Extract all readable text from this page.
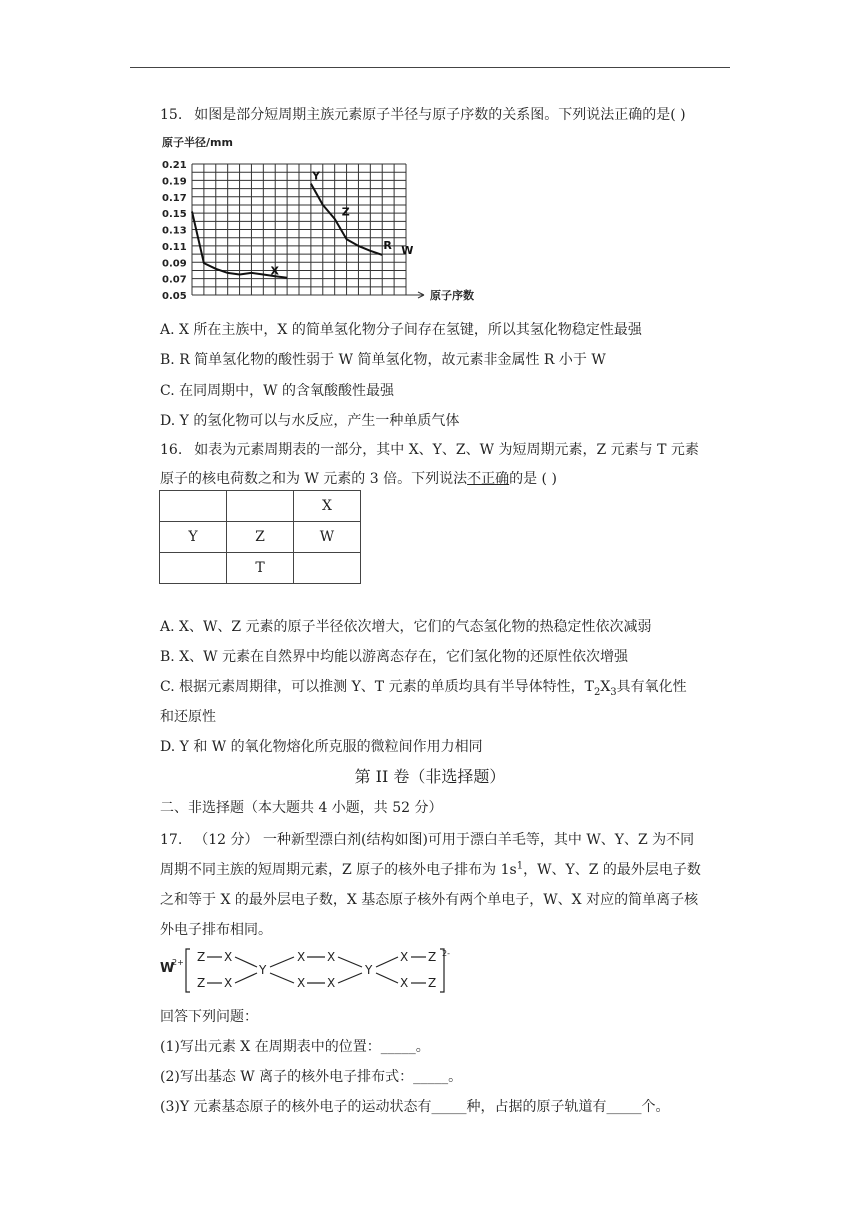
15. 如图是部分短周期主族元素原子半径与原子序数的关系图。下列说法正确的是( )
原子半径/mm
0.21
0.19
0.17
0.15
0.13
0.11
0.09
0.07
0.05
X
Y
Z
R W
原子序数
A. X 所在主族中，X 的简单氢化物分子间存在氢键，所以其氢化物稳定性最强
B. R 简单氢化物的酸性弱于 W 简单氢化物，故元素非金属性 R 小于 W
C. 在同周期中，W 的含氧酸酸性最强
D. Y 的氢化物可以与水反应，产生一种单质气体
16. 如表为元素周期表的一部分，其中 X、Y、Z、W 为短周期元素，Z 元素与 T 元素
原子的核电荷数之和为 W 元素的 3 倍。下列说法不正确的是 ( )
		X
Y	Z	W
	T	
A. X、W、Z 元素的原子半径依次增大，它们的气态氢化物的热稳定性依次减弱
B. X、W 元素在自然界中均能以游离态存在，它们氢化物的还原性依次增强
C. 根据元素周期律，可以推测 Y、T 元素的单质均具有半导体特性，$T_2X_3$具有氧化性
和还原性
D. Y 和 W 的氧化物熔化所克服的微粒间作用力相同
第 II 卷（非选择题）
二、非选择题（本大题共 4 小题，共 52 分）
17. （12 分） 一种新型漂白剂(结构如图)可用于漂白羊毛等，其中 W、Y、Z 为不同
周期不同主族的短周期元素，Z 原子的核外电子排布为 $1s^1$，W、Y、Z 的最外层电子数
之和等于 X 的最外层电子数，X 基态原子核外有两个单电子，W、X 对应的简单离子核
外电子排布相同。
W
2+ Z X
Z X
Y
X X
X X
Y
X Z
X Z
2-
回答下列问题：
(1)写出元素 X 在周期表中的位置：_____。
(2)写出基态 W 离子的核外电子排布式：_____。
(3)Y 元素基态原子的核外电子的运动状态有_____种，占据的原子轨道有_____个。
